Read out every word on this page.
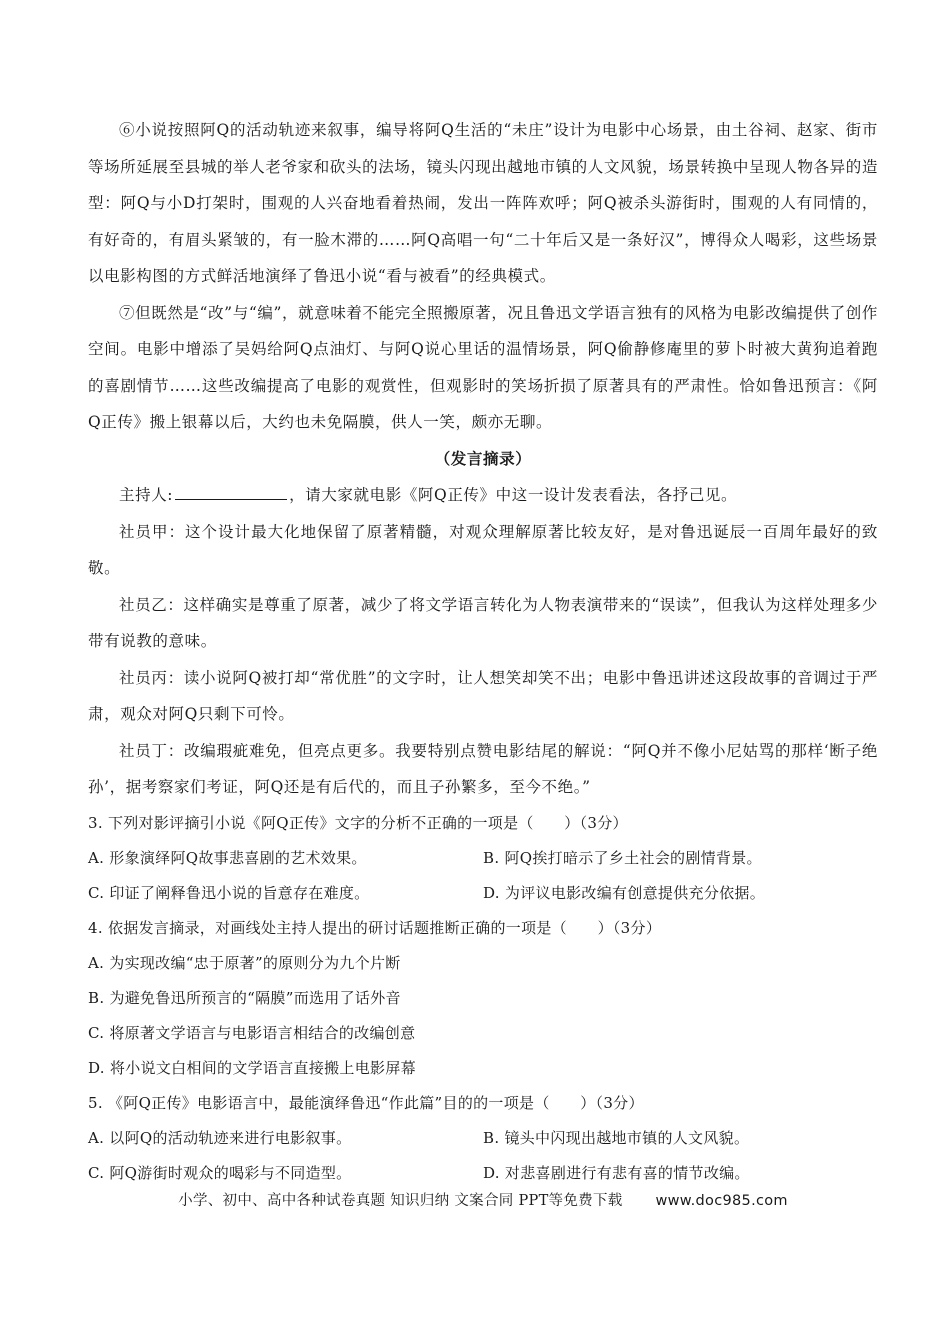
⑥小说按照阿Q的活动轨迹来叙事，编导将阿Q生活的“未庄”设计为电影中心场景，由土谷祠、赵家、街市等场所延展至县城的举人老爷家和砍头的法场，镜头闪现出越地市镇的人文风貌，场景转换中呈现人物各异的造型：阿Q与小D打架时，围观的人兴奋地看着热闹，发出一阵阵欢呼；阿Q被杀头游街时，围观的人有同情的，有好奇的，有眉头紧皱的，有一脸木滞的……阿Q高唱一句“二十年后又是一条好汉”，博得众人喝彩，这些场景以电影构图的方式鲜活地演绎了鲁迅小说“看与被看”的经典模式。

⑦但既然是“改”与“编”，就意味着不能完全照搬原著，况且鲁迅文学语言独有的风格为电影改编提供了创作空间。电影中增添了吴妈给阿Q点油灯、与阿Q说心里话的温情场景，阿Q偷静修庵里的萝卜时被大黄狗追着跑的喜剧情节……这些改编提高了电影的观赏性，但观影时的笑场折损了原著具有的严肃性。恰如鲁迅预言：《阿Q正传》搬上银幕以后，大约也未免隔膜，供人一笑，颇亦无聊。

（发言摘录）

主持人:	，请大家就电影《阿Q正传》中这一设计发表看法，各抒己见。

社员甲：这个设计最大化地保留了原著精髓，对观众理解原著比较友好，是对鲁迅诞辰一百周年最好的致敬。

社员乙：这样确实是尊重了原著，减少了将文学语言转化为人物表演带来的“误读”，但我认为这样处理多少带有说教的意味。

社员丙：读小说阿Q被打却“常优胜”的文字时，让人想笑却笑不出；电影中鲁迅讲述这段故事的音调过于严肃，观众对阿Q只剩下可怜。

社员丁：改编瑕疵难免，但亮点更多。我要特别点赞电影结尾的解说：“阿Q并不像小尼姑骂的那样‘断子绝孙’，据考察家们考证，阿Q还是有后代的，而且子孙繁多，至今不绝。”

3. 下列对影评摘引小说《阿Q正传》文字的分析不正确的一项是（　　）（3分）
A. 形象演绎阿Q故事悲喜剧的艺术效果。	B. 阿Q挨打暗示了乡土社会的剧情背景。
C. 印证了阐释鲁迅小说的旨意存在难度。	D. 为评议电影改编有创意提供充分依据。
4. 依据发言摘录，对画线处主持人提出的研讨话题推断正确的一项是（　　）（3分）
A. 为实现改编“忠于原著”的原则分为九个片断
B. 为避免鲁迅所预言的“隔膜”而选用了话外音
C. 将原著文学语言与电影语言相结合的改编创意
D. 将小说文白相间的文学语言直接搬上电影屏幕
5. 《阿Q正传》电影语言中，最能演绎鲁迅“作此篇”目的的一项是（　　）（3分）
A. 以阿Q的活动轨迹来进行电影叙事。	B. 镜头中闪现出越地市镇的人文风貌。
C. 阿Q游街时观众的喝彩与不同造型。	D. 对悲喜剧进行有悲有喜的情节改编。
小学、初中、高中各种试卷真题 知识归纳 文案合同 PPT等免费下载 www.doc985.com
